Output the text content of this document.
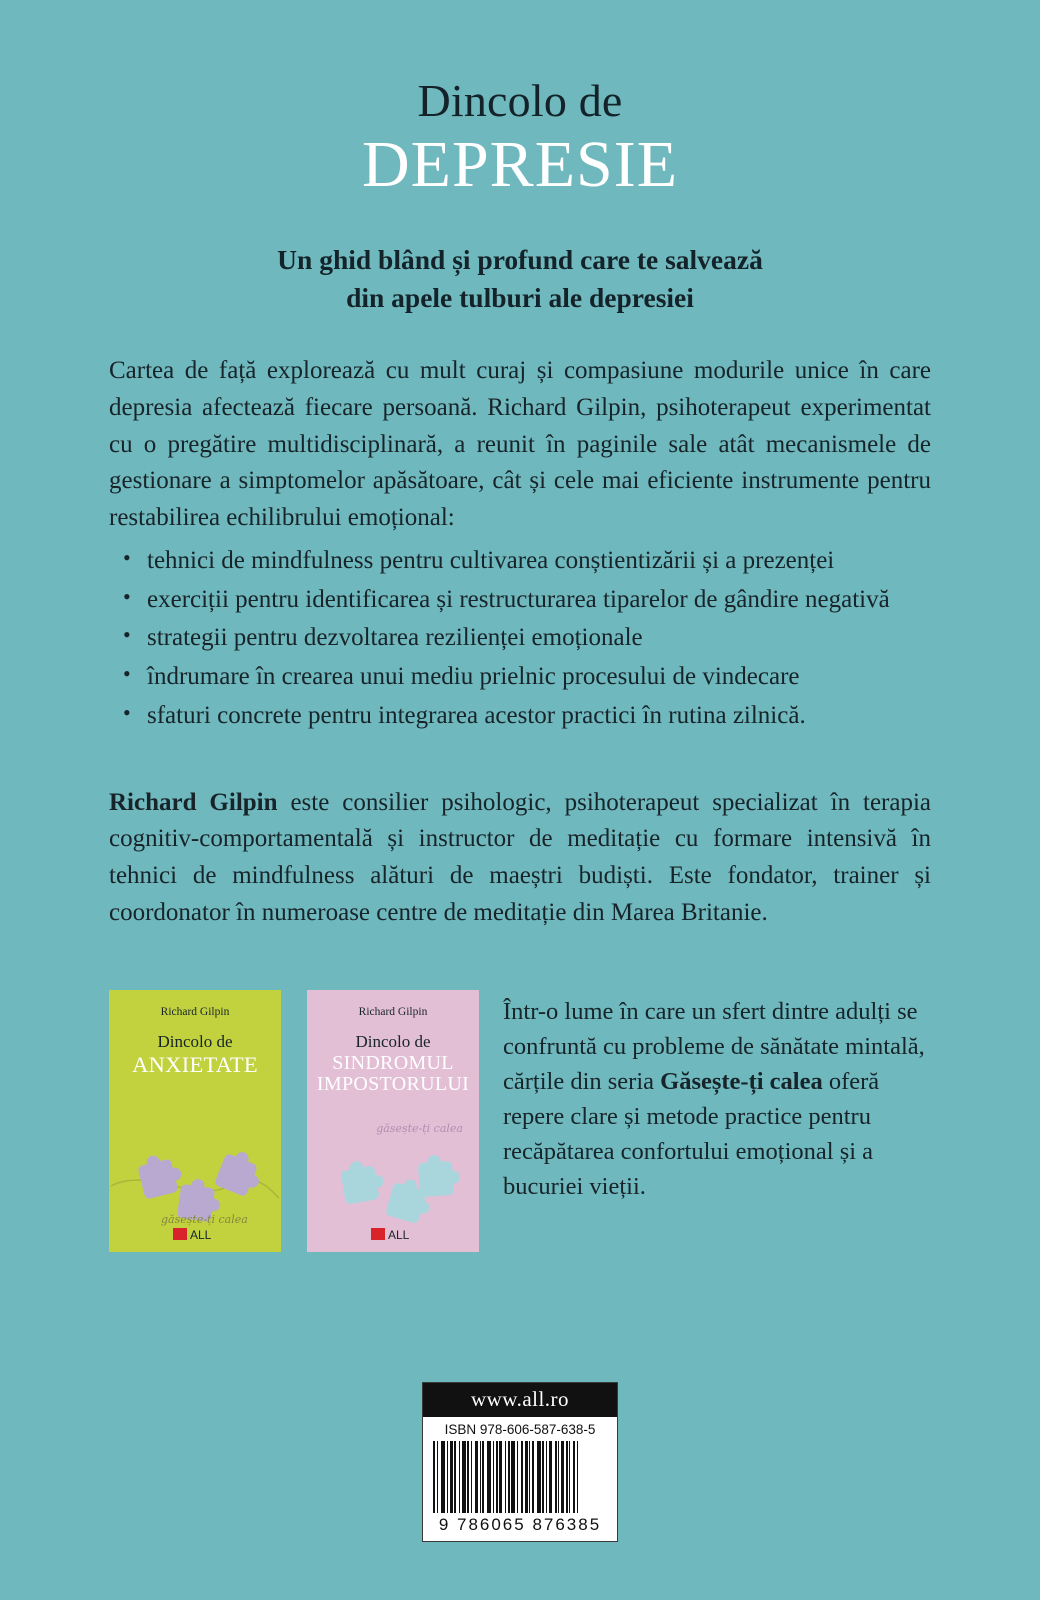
Dincolo de
DEPRESIE
Un ghid blând și profund care te salvează
din apele tulburi ale depresiei
Cartea de față explorează cu mult curaj și compasiune modurile unice în care depresia afectează fiecare persoană. Richard Gilpin, psihoterapeut experimentat cu o pregătire multidisciplinară, a reunit în paginile sale atât mecanismele de gestionare a simptomelor apăsătoare, cât și cele mai eficiente instrumente pentru restabilirea echilibrului emoțional:
• tehnici de mindfulness pentru cultivarea conștientizării și a prezenței
• exerciții pentru identificarea și restructurarea tiparelor de gândire negativă
• strategii pentru dezvoltarea rezilienței emoționale
• îndrumare în crearea unui mediu prielnic procesului de vindecare
• sfaturi concrete pentru integrarea acestor practici în rutina zilnică.
Richard Gilpin este consilier psihologic, psihoterapeut specializat în terapia cognitiv-comportamentală și instructor de meditație cu formare intensivă în tehnici de mindfulness alături de maeștri budiști. Este fondator, trainer și coordonator în numeroase centre de meditație din Marea Britanie.
Richard Gilpin
Dincolo de
ANXIETATE
găsește-ți calea
ALL
Richard Gilpin
Dincolo de
SINDROMUL IMPOSTORULUI
găsește-ți calea
ALL
Într-o lume în care un sfert dintre adulți se confruntă cu probleme de sănătate mintală, cărțile din seria Găsește-ți calea oferă repere clare și metode practice pentru recăpătarea confortului emoțional și a bucuriei vieții.
www.all.ro
ISBN 978-606-587-638-5
9 786065 876385
